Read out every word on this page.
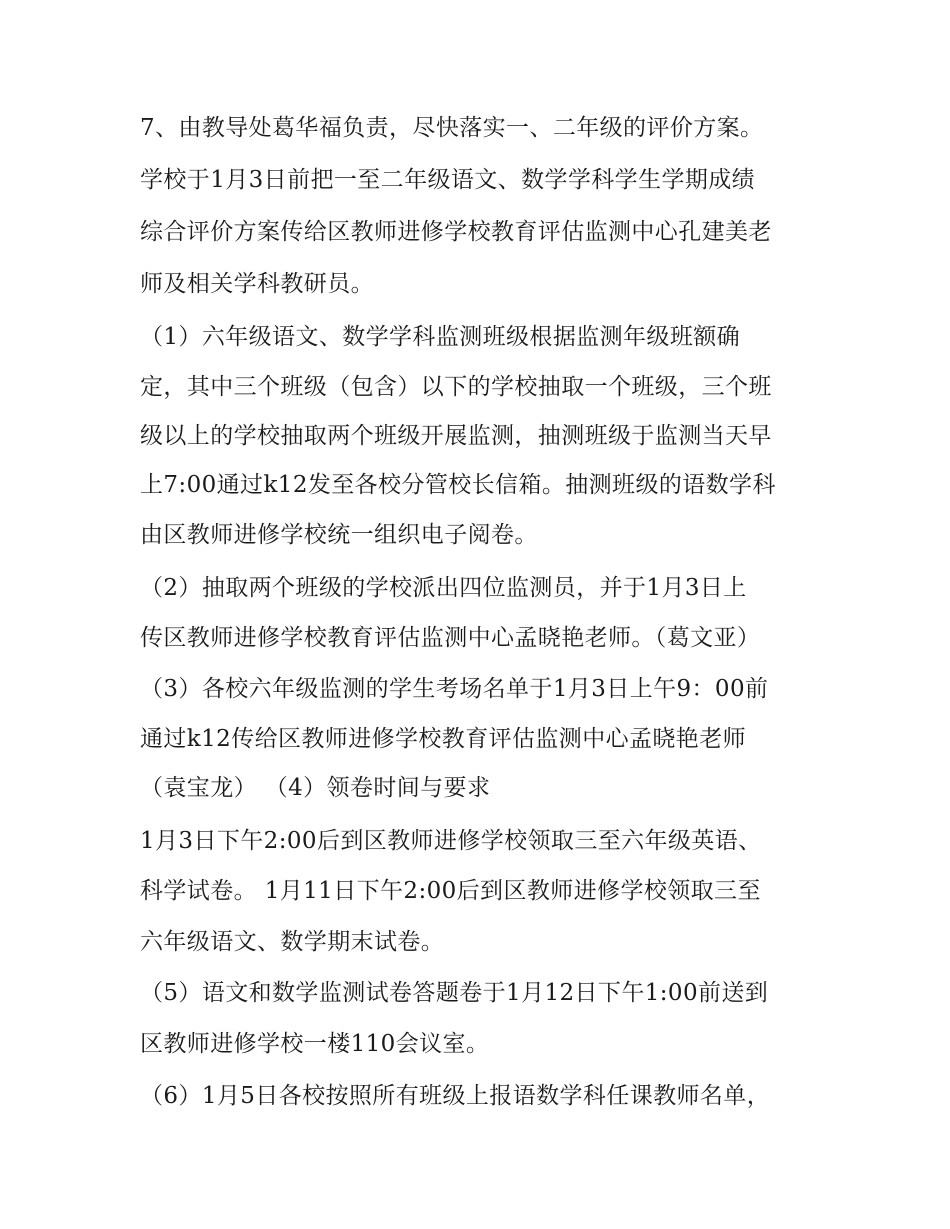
7、由教导处葛华福负责，尽快落实一、二年级的评价方案。
学校于1月3日前把一至二年级语文、数学学科学生学期成绩
综合评价方案传给区教师进修学校教育评估监测中心孔建美老
师及相关学科教研员。
（1）六年级语文、数学学科监测班级根据监测年级班额确
定，其中三个班级（包含）以下的学校抽取一个班级，三个班
级以上的学校抽取两个班级开展监测，抽测班级于监测当天早
上7:00通过k12发至各校分管校长信箱。抽测班级的语数学科
由区教师进修学校统一组织电子阅卷。
（2）抽取两个班级的学校派出四位监测员，并于1月3日上
传区教师进修学校教育评估监测中心孟晓艳老师。（葛文亚）
（3）各校六年级监测的学生考场名单于1月3日上午9：00前
通过k12传给区教师进修学校教育评估监测中心孟晓艳老师
（袁宝龙） （4）领卷时间与要求
1月3日下午2:00后到区教师进修学校领取三至六年级英语、
科学试卷。 1月11日下午2:00后到区教师进修学校领取三至
六年级语文、数学期末试卷。
（5）语文和数学监测试卷答题卷于1月12日下午1:00前送到
区教师进修学校一楼110会议室。
（6）1月5日各校按照所有班级上报语数学科任课教师名单，
